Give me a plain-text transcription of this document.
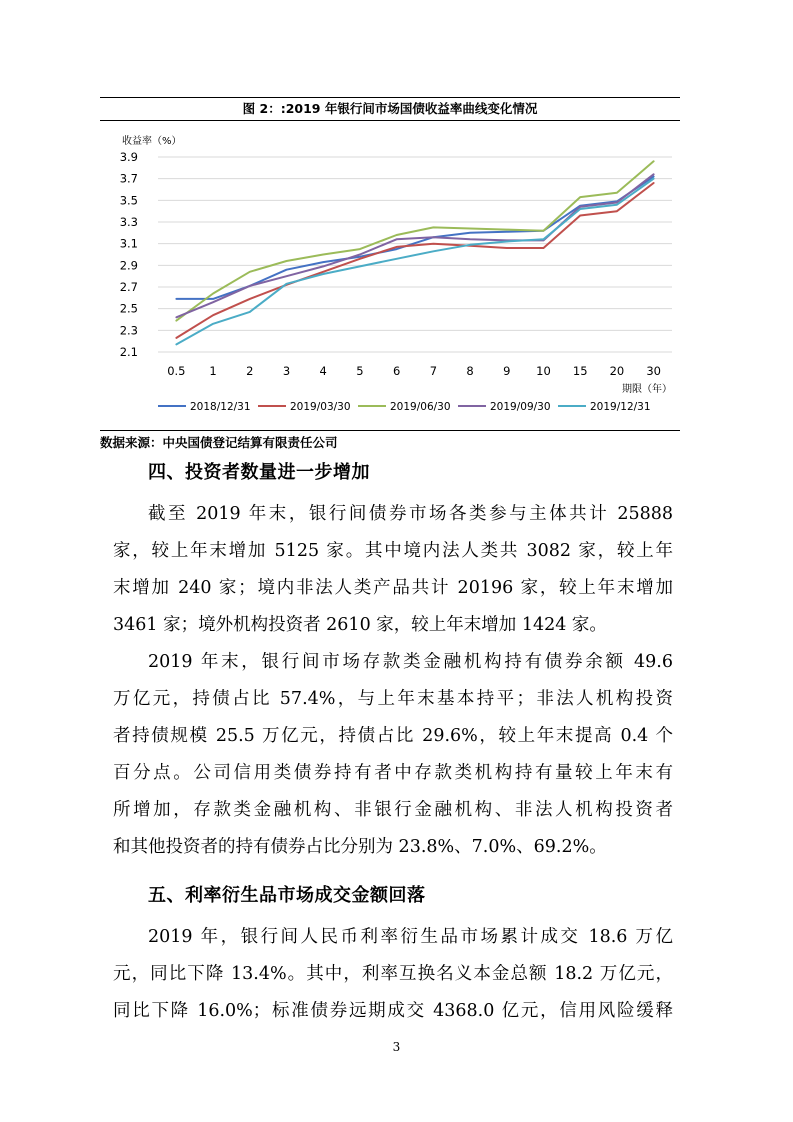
图 2：:2019 年银行间市场国债收益率曲线变化情况
3.9
3.7
3.5
3.3
3.1
2.9
2.7
2.5
2.3
2.1
收益率（%）
0.5 1	2	3	4	5	6	7	8	9 10 15 20 30
期限（年）
2018/12/31	2019/03/30	2019/06/30	2019/09/30	2019/12/31
数据来源：中央国债登记结算有限责任公司
四、投资者数量进一步增加
截至 2019 年末，银行间债券市场各类参与主体共计 25888
家，较上年末增加 5125 家。其中境内法人类共 3082 家，较上年
末增加 240 家；境内非法人类产品共计 20196 家，较上年末增加
3461 家；境外机构投资者 2610 家，较上年末增加 1424 家。
2019 年末，银行间市场存款类金融机构持有债券余额 49.6
万亿元，持债占比 57.4%，与上年末基本持平；非法人机构投资
者持债规模 25.5 万亿元，持债占比 29.6%，较上年末提高 0.4 个
百分点。公司信用类债券持有者中存款类机构持有量较上年末有
所增加，存款类金融机构、非银行金融机构、非法人机构投资者
和其他投资者的持有债券占比分别为 23.8%、7.0%、69.2%。
五、利率衍生品市场成交金额回落
2019 年，银行间人民币利率衍生品市场累计成交 18.6 万亿
元，同比下降 13.4%。其中，利率互换名义本金总额 18.2 万亿元，
同比下降 16.0%；标准债券远期成交 4368.0 亿元，信用风险缓释
3
